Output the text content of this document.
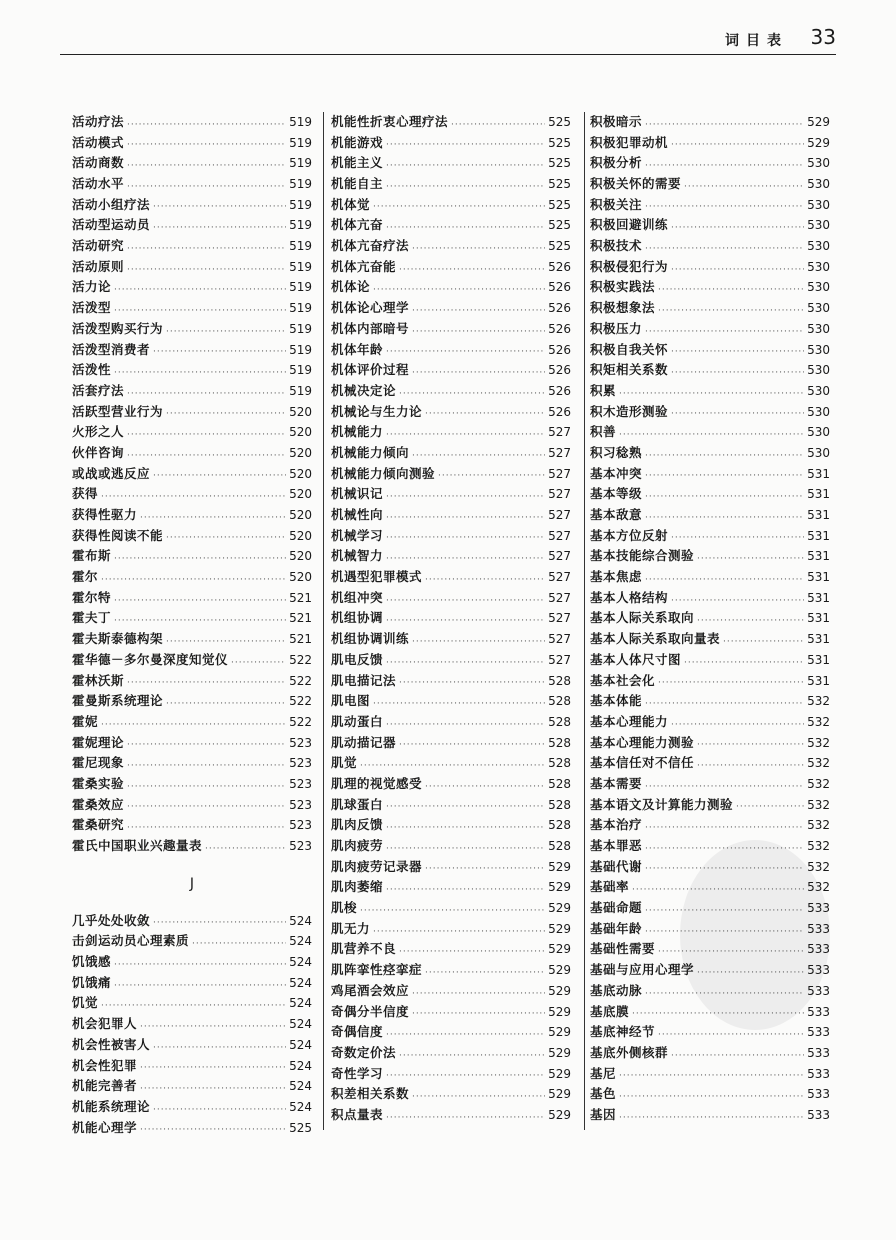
词目表 33
活动疗法 ·····	519
活动模式 ·····	519
活动商数 ·····	519
活动水平 ·····	519
活动小组疗法 ·····	519
活动型运动员 ·····	519
活动研究 ·····	519
活动原则 ·····	519
活力论 ·····	519
活泼型 ·····	519
活泼型购买行为 ·····	519
活泼型消费者 ·····	519
活泼性 ·····	519
活套疗法 ·····	519
活跃型营业行为 ·····	520
火形之人 ·····	520
伙伴咨询 ·····	520
或战或逃反应 ·····	520
获得 ·····	520
获得性驱力 ·····	520
获得性阅读不能 ·····	520
霍布斯 ·····	520
霍尔 ·····	520
霍尔特 ·····	521
霍夫丁 ·····	521
霍夫斯泰德构架 ·····	521
霍华德－多尔曼深度知觉仪 ·····	522
霍林沃斯 ·····	522
霍曼斯系统理论 ·····	522
霍妮 ·····	522
霍妮理论 ·····	523
霍尼现象 ·····	523
霍桑实验 ·····	523
霍桑效应 ·····	523
霍桑研究 ·····	523
霍氏中国职业兴趣量表 ·····	523
J
几乎处处收敛 ·····	524
击剑运动员心理素质 ·····	524
饥饿感 ·····	524
饥饿痛 ·····	524
饥觉 ·····	524
机会犯罪人 ·····	524
机会性被害人 ·····	524
机会性犯罪 ·····	524
机能完善者 ·····	524
机能系统理论 ·····	524
机能心理学 ·····	525
机能性折衷心理疗法 ·····	525
机能游戏 ·····	525
机能主义 ·····	525
机能自主 ·····	525
机体觉 ·····	525
机体亢奋 ·····	525
机体亢奋疗法 ·····	525
机体亢奋能 ·····	526
机体论 ·····	526
机体论心理学 ·····	526
机体内部暗号 ·····	526
机体年龄 ·····	526
机体评价过程 ·····	526
机械决定论 ·····	526
机械论与生力论 ·····	526
机械能力 ·····	527
机械能力倾向 ·····	527
机械能力倾向测验 ·····	527
机械识记 ·····	527
机械性向 ·····	527
机械学习 ·····	527
机械智力 ·····	527
机遇型犯罪模式 ·····	527
机组冲突 ·····	527
机组协调 ·····	527
机组协调训练 ·····	527
肌电反馈 ·····	527
肌电描记法 ·····	528
肌电图 ·····	528
肌动蛋白 ·····	528
肌动描记器 ·····	528
肌觉 ·····	528
肌理的视觉感受 ·····	528
肌球蛋白 ·····	528
肌肉反馈 ·····	528
肌肉疲劳 ·····	528
肌肉疲劳记录器 ·····	529
肌肉萎缩 ·····	529
肌梭 ·····	529
肌无力 ·····	529
肌营养不良 ·····	529
肌阵挛性痉挛症 ·····	529
鸡尾酒会效应 ·····	529
奇偶分半信度 ·····	529
奇偶信度 ·····	529
奇数定价法 ·····	529
奇性学习 ·····	529
积差相关系数 ·····	529
积点量表 ·····	529
积极暗示 ·····	529
积极犯罪动机 ·····	529
积极分析 ·····	530
积极关怀的需要 ·····	530
积极关注 ·····	530
积极回避训练 ·····	530
积极技术 ·····	530
积极侵犯行为 ·····	530
积极实践法 ·····	530
积极想象法 ·····	530
积极压力 ·····	530
积极自我关怀 ·····	530
积矩相关系数 ·····	530
积累 ·····	530
积木造形测验 ·····	530
积善 ·····	530
积习稔熟 ·····	530
基本冲突 ·····	531
基本等级 ·····	531
基本敌意 ·····	531
基本方位反射 ·····	531
基本技能综合测验 ·····	531
基本焦虑 ·····	531
基本人格结构 ·····	531
基本人际关系取向 ·····	531
基本人际关系取向量表 ·····	531
基本人体尺寸图 ·····	531
基本社会化 ·····	531
基本体能 ·····	532
基本心理能力 ·····	532
基本心理能力测验 ·····	532
基本信任对不信任 ·····	532
基本需要 ·····	532
基本语文及计算能力测验 ·····	532
基本治疗 ·····	532
基本罪恶 ·····	532
基础代谢 ·····	532
基础率 ·····	532
基础命题 ·····	533
基础年龄 ·····	533
基础性需要 ·····	533
基础与应用心理学 ·····	533
基底动脉 ·····	533
基底膜 ·····	533
基底神经节 ·····	533
基底外侧核群 ·····	533
基尼 ·····	533
基色 ·····	533
基因 ·····	533
